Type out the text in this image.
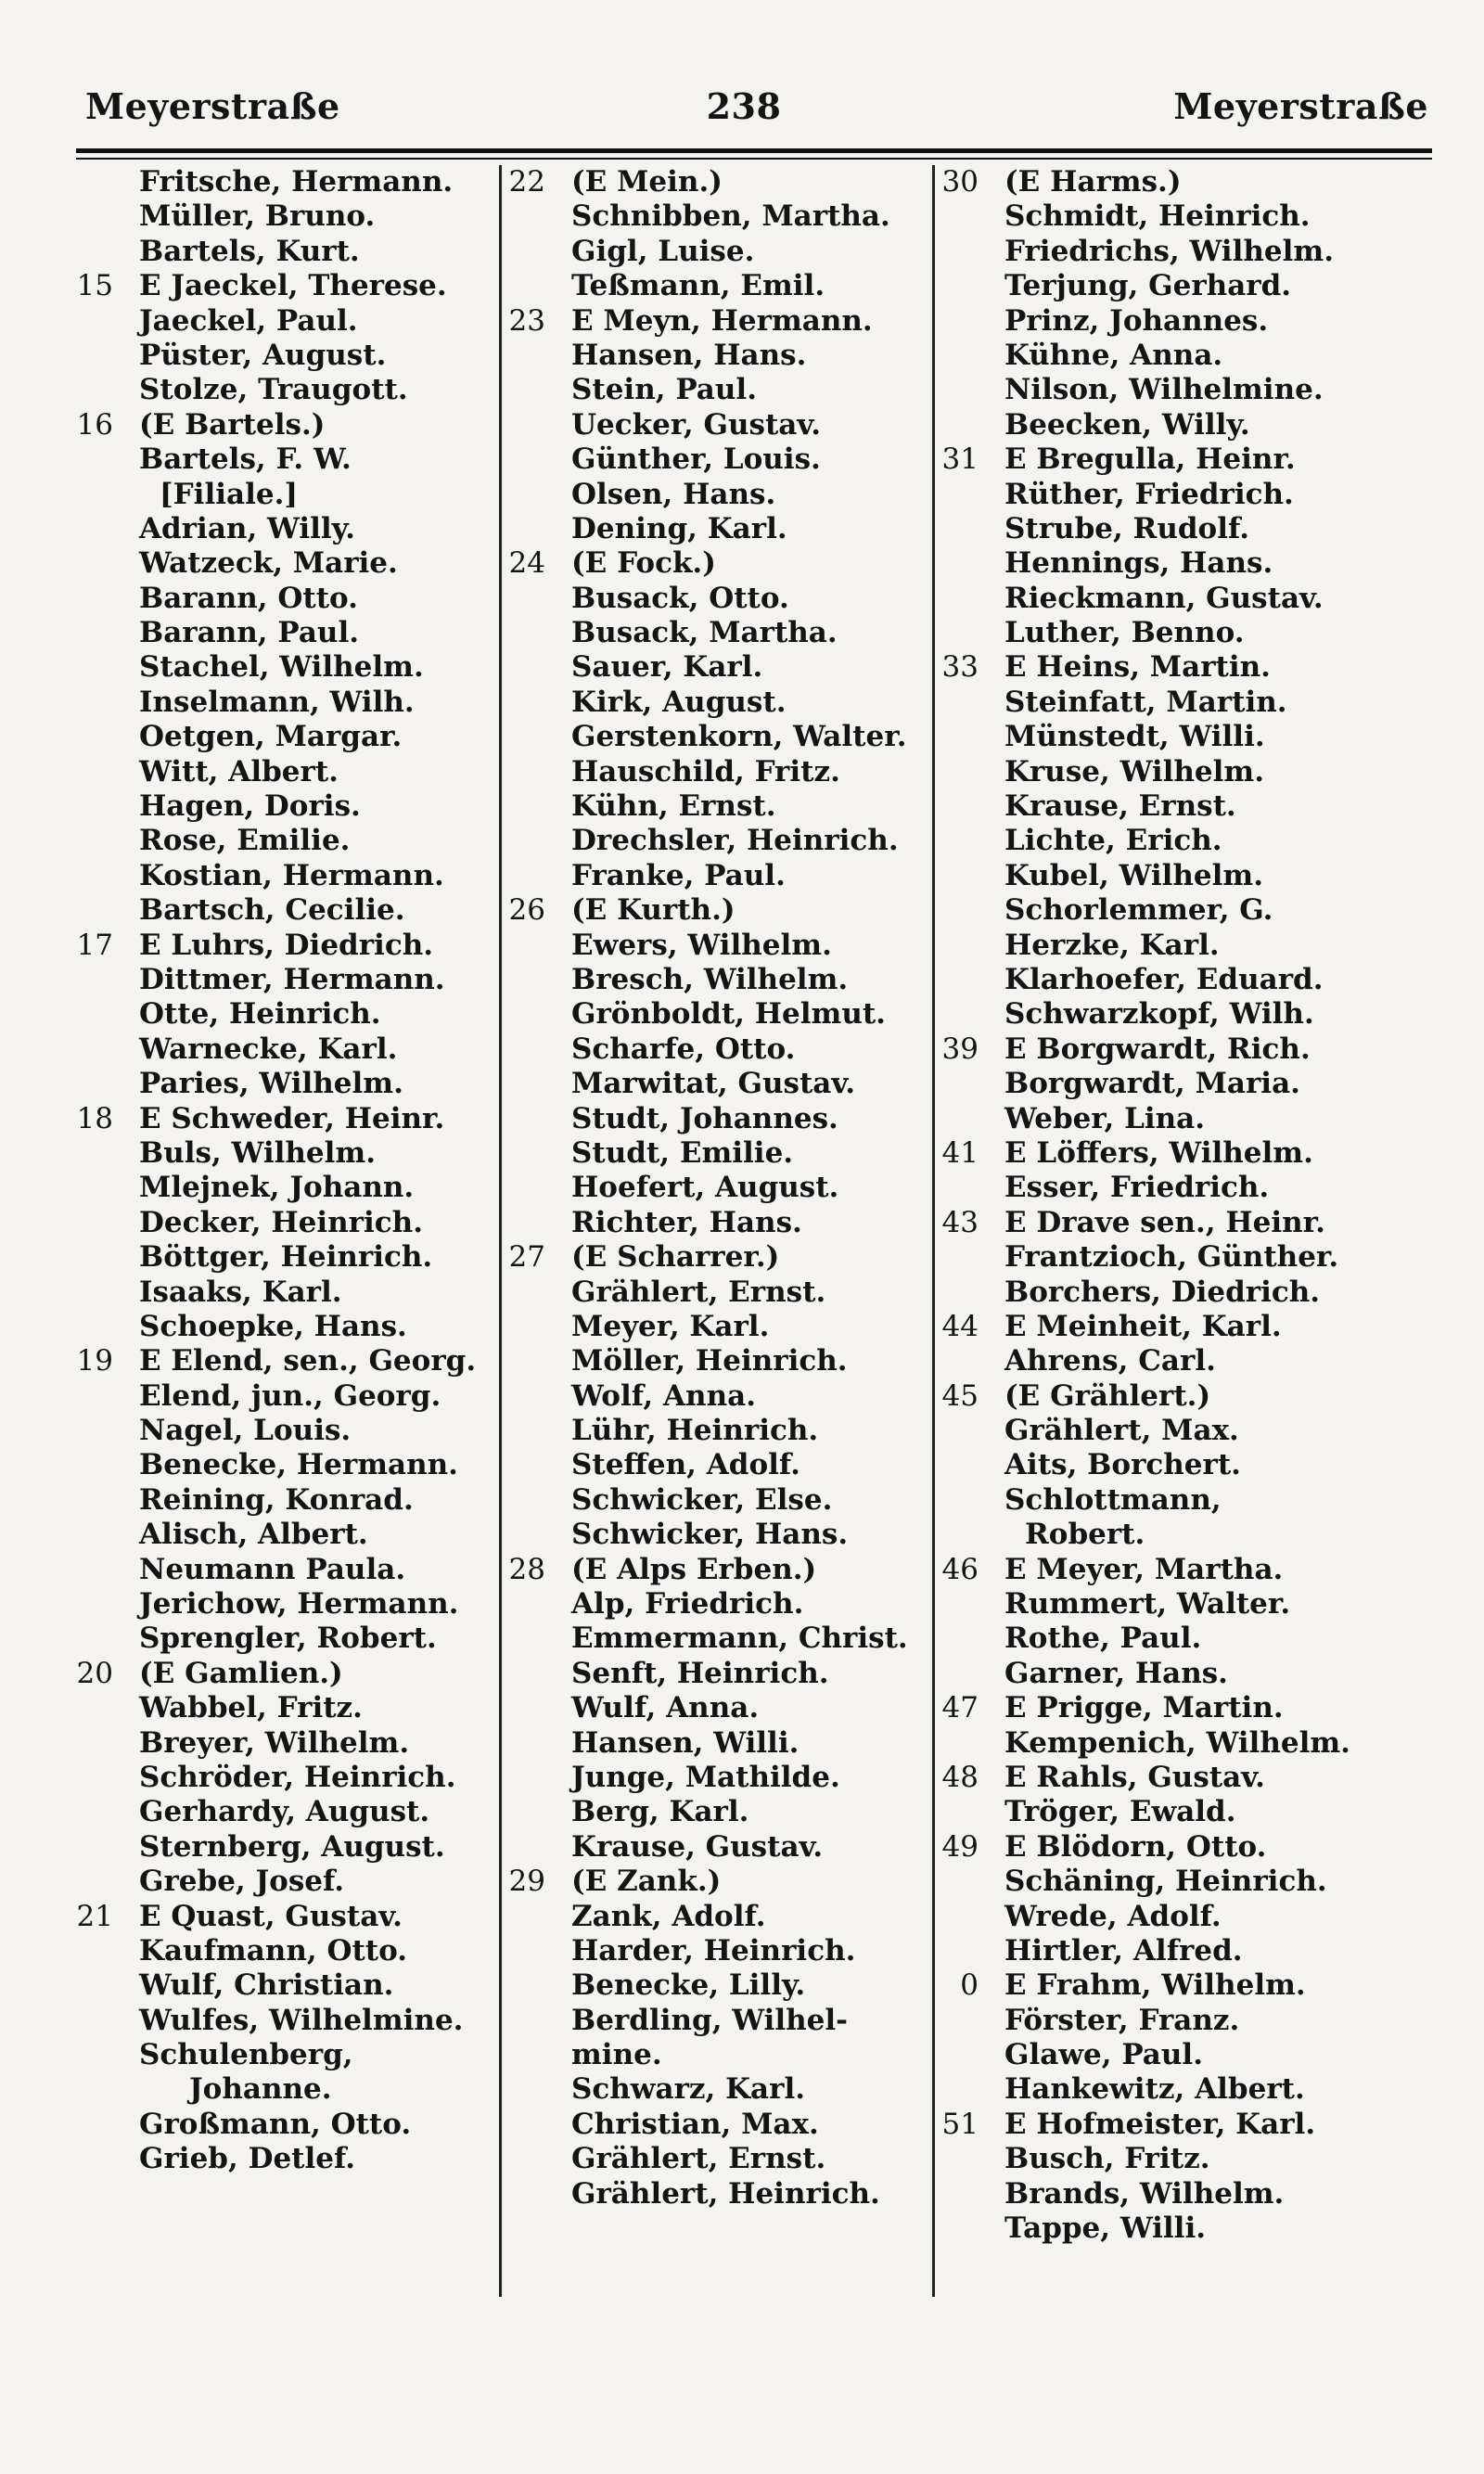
Meyerstraße	238	Meyerstraße
Fritsche, Hermann.
Müller, Bruno.
Bartels, Kurt.
15 E Jaeckel, Therese.
Jaeckel, Paul.
Püster, August.
Stolze, Traugott.
16 (E Bartels.)
Bartels, F. W.
[Filiale.]
Adrian, Willy.
Watzeck, Marie.
Barann, Otto.
Barann, Paul.
Stachel, Wilhelm.
Inselmann, Wilh.
Oetgen, Margar.
Witt, Albert.
Hagen, Doris.
Rose, Emilie.
Kostian, Hermann.
Bartsch, Cecilie.
17 E Luhrs, Diedrich.
Dittmer, Hermann.
Otte, Heinrich.
Warnecke, Karl.
Paries, Wilhelm.
18 E Schweder, Heinr.
Buls, Wilhelm.
Mlejnek, Johann.
Decker, Heinrich.
Böttger, Heinrich.
Isaaks, Karl.
Schoepke, Hans.
19 E Elend, sen., Georg.
Elend, jun., Georg.
Nagel, Louis.
Benecke, Hermann.
Reining, Konrad.
Alisch, Albert.
Neumann Paula.
Jerichow, Hermann.
Sprengler, Robert.
20 (E Gamlien.)
Wabbel, Fritz.
Breyer, Wilhelm.
Schröder, Heinrich.
Gerhardy, August.
Sternberg, August.
Grebe, Josef.
21 E Quast, Gustav.
Kaufmann, Otto.
Wulf, Christian.
Wulfes, Wilhelmine.
Schulenberg,
Johanne.
Großmann, Otto.
Grieb, Detlef.
22 (E Mein.)
Schnibben, Martha.
Gigl, Luise.
Teßmann, Emil.
23 E Meyn, Hermann.
Hansen, Hans.
Stein, Paul.
Uecker, Gustav.
Günther, Louis.
Olsen, Hans.
Dening, Karl.
24 (E Fock.)
Busack, Otto.
Busack, Martha.
Sauer, Karl.
Kirk, August.
Gerstenkorn, Walter.
Hauschild, Fritz.
Kühn, Ernst.
Drechsler, Heinrich.
Franke, Paul.
26 (E Kurth.)
Ewers, Wilhelm.
Bresch, Wilhelm.
Grönboldt, Helmut.
Scharfe, Otto.
Marwitat, Gustav.
Studt, Johannes.
Studt, Emilie.
Hoefert, August.
Richter, Hans.
27 (E Scharrer.)
Grählert, Ernst.
Meyer, Karl.
Möller, Heinrich.
Wolf, Anna.
Lühr, Heinrich.
Steffen, Adolf.
Schwicker, Else.
Schwicker, Hans.
28 (E Alps Erben.)
Alp, Friedrich.
Emmermann, Christ.
Senft, Heinrich.
Wulf, Anna.
Hansen, Willi.
Junge, Mathilde.
Berg, Karl.
Krause, Gustav.
29 (E Zank.)
Zank, Adolf.
Harder, Heinrich.
Benecke, Lilly.
Berdling, Wilhel-
mine.
Schwarz, Karl.
Christian, Max.
Grählert, Ernst.
Grählert, Heinrich.
30 (E Harms.)
Schmidt, Heinrich.
Friedrichs, Wilhelm.
Terjung, Gerhard.
Prinz, Johannes.
Kühne, Anna.
Nilson, Wilhelmine.
Beecken, Willy.
31 E Bregulla, Heinr.
Rüther, Friedrich.
Strube, Rudolf.
Hennings, Hans.
Rieckmann, Gustav.
Luther, Benno.
33 E Heins, Martin.
Steinfatt, Martin.
Münstedt, Willi.
Kruse, Wilhelm.
Krause, Ernst.
Lichte, Erich.
Kubel, Wilhelm.
Schorlemmer, G.
Herzke, Karl.
Klarhoefer, Eduard.
Schwarzkopf, Wilh.
39 E Borgwardt, Rich.
Borgwardt, Maria.
Weber, Lina.
41 E Löffers, Wilhelm.
Esser, Friedrich.
43 E Drave sen., Heinr.
Frantzioch, Günther.
Borchers, Diedrich.
44 E Meinheit, Karl.
Ahrens, Carl.
45 (E Grählert.)
Grählert, Max.
Aits, Borchert.
Schlottmann,
Robert.
46 E Meyer, Martha.
Rummert, Walter.
Rothe, Paul.
Garner, Hans.
47 E Prigge, Martin.
Kempenich, Wilhelm.
48 E Rahls, Gustav.
Tröger, Ewald.
49 E Blödorn, Otto.
Schäning, Heinrich.
Wrede, Adolf.
Hirtler, Alfred.
0 E Frahm, Wilhelm.
Förster, Franz.
Glawe, Paul.
Hankewitz, Albert.
51 E Hofmeister, Karl.
Busch, Fritz.
Brands, Wilhelm.
Tappe, Willi.
